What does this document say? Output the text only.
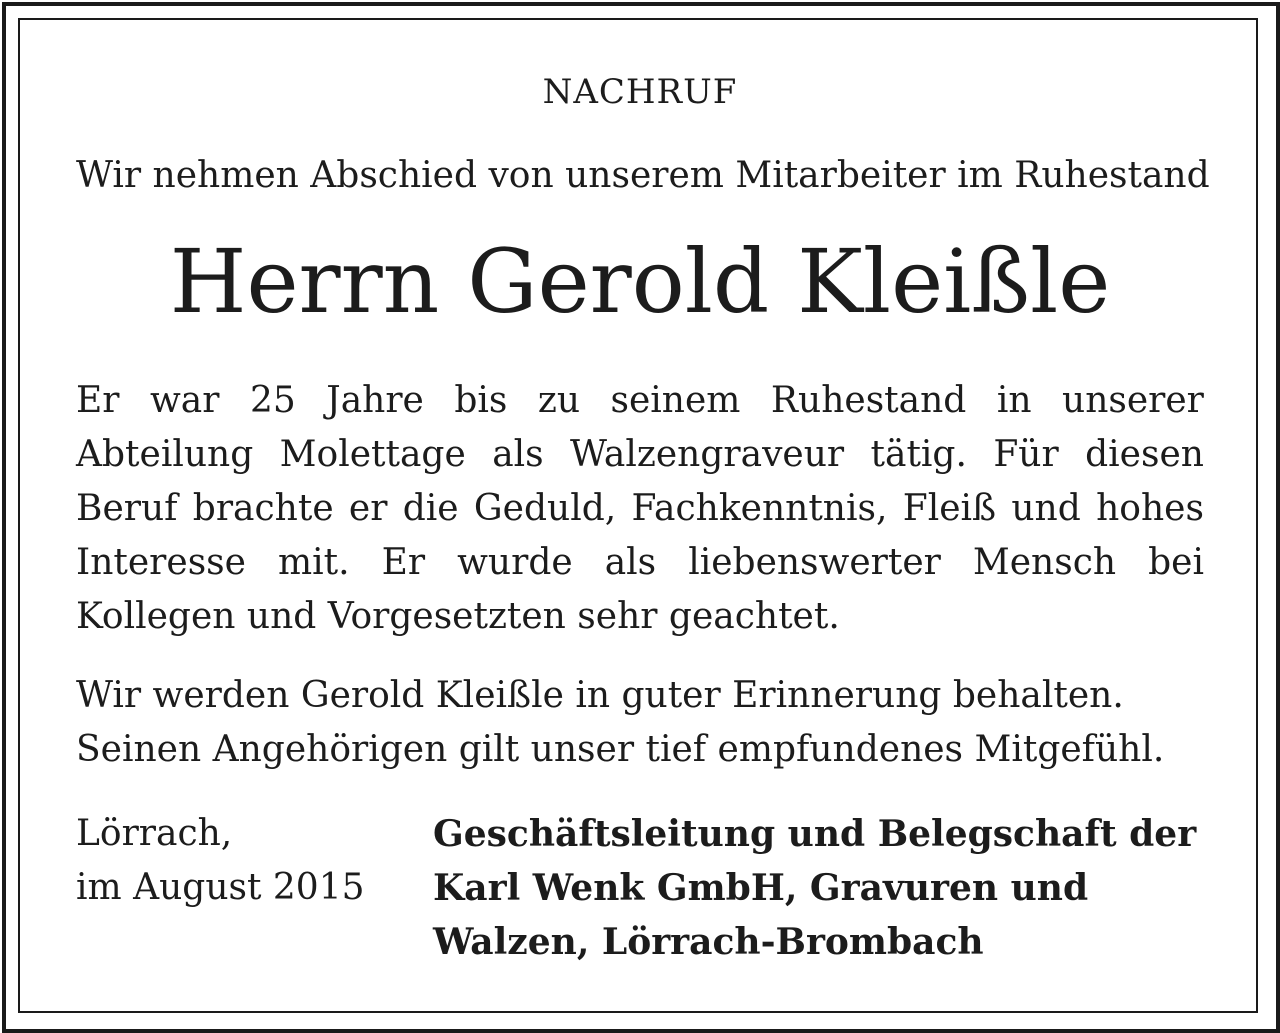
NACHRUF
Wir nehmen Abschied von unserem Mitarbeiter im Ruhestand
Herrn Gerold Kleißle
Er war 25 Jahre bis zu seinem Ruhestand in unserer
Abteilung Molettage als Walzengraveur tätig. Für diesen
Beruf brachte er die Geduld, Fachkenntnis, Fleiß und hohes
Interesse mit. Er wurde als liebenswerter Mensch bei
Kollegen und Vorgesetzten sehr geachtet.
Wir werden Gerold Kleißle in guter Erinnerung behalten.
Seinen Angehörigen gilt unser tief empfundenes Mitgefühl.
Lörrach,
im August 2015
Geschäftsleitung und Belegschaft der
Karl Wenk GmbH, Gravuren und
Walzen, Lörrach-Brombach
